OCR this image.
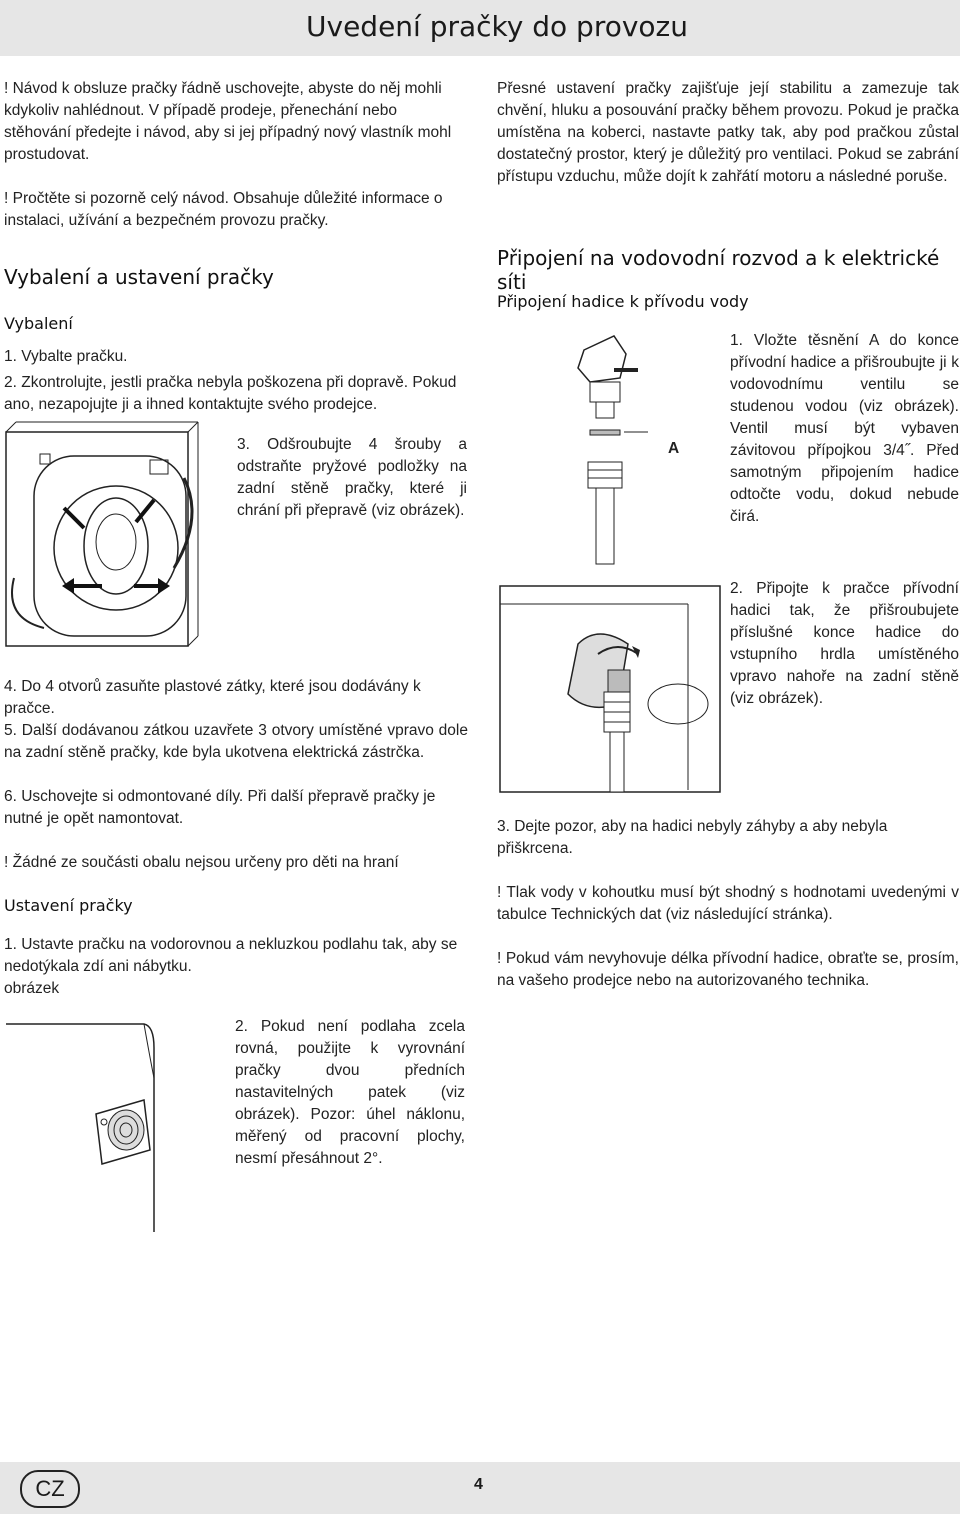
Uvedení pračky do provozu
! Návod k obsluze pračky řádně uschovejte, abyste do něj mohli kdykoliv nahlédnout. V případě prodeje, přenechání nebo stěhování předejte i návod, aby si jej případný nový vlastník mohl prostudovat.
! Pročtěte si pozorně celý návod. Obsahuje důležité informace o instalaci, užívání a bezpečném provozu pračky.
Vybalení a ustavení pračky
Vybalení
1. Vybalte pračku.
2. Zkontrolujte, jestli pračka nebyla poškozena při dopravě. Pokud ano, nezapojujte ji a ihned kontaktujte svého prodejce.
3. Odšroubujte 4 šrouby a odstraňte pryžové podložky na zadní stěně pračky, které ji chrání při přepravě (viz obrázek).
4. Do 4 otvorů zasuňte plastové zátky, které jsou dodávány k pračce.
5. Další dodávanou zátkou uzavřete 3 otvory umístěné vpravo dole na zadní stěně pračky, kde byla ukotvena elektrická zástrčka.
6. Uschovejte si odmontované díly. Při další přepravě pračky je nutné je opět namontovat.
! Žádné ze součásti obalu nejsou určeny pro děti na hraní
Ustavení pračky
1. Ustavte pračku na vodorovnou a nekluzkou podlahu tak, aby se nedotýkala zdí ani nábytku.
obrázek
2. Pokud není podlaha zcela rovná, použijte k vyrovnání pračky dvou předních nastavitelných patek (viz obrázek). Pozor: úhel náklonu, měřený od pracovní plochy, nesmí přesáhnout 2°.
Přesné ustavení pračky zajišťuje její stabilitu a zamezuje tak chvění, hluku a posouvání pračky během provozu. Pokud je pračka umístěna na koberci, nastavte patky tak, aby pod pračkou zůstal dostatečný prostor, který je důležitý pro ventilaci. Pokud se zabrání přístupu vzduchu, může dojít k zahřátí motoru a následné poruše.
Připojení na vodovodní rozvod a k elektrické síti
Připojení hadice k přívodu vody
A
1. Vložte těsnění A do konce přívodní hadice a přišroubujte ji k vodovodnímu ventilu se studenou vodou (viz obrázek). Ventil musí být vybaven závitovou přípojkou 3/4˝. Před samotným připojením hadice odtočte vodu, dokud nebude čirá.
2. Připojte k pračce přívodní hadici tak, že přišroubujete příslušné konce hadice do vstupního hrdla umístěného vpravo nahoře na zadní stěně (viz obrázek).
3. Dejte pozor, aby na hadici nebyly záhyby a aby nebyla přiškrcena.
! Tlak vody v kohoutku musí být shodný s hodnotami uvedenými v tabulce Technických dat (viz následující stránka).
! Pokud vám nevyhovuje délka přívodní hadice, obraťte se, prosím, na vašeho prodejce nebo na autorizovaného technika.
CZ	4
